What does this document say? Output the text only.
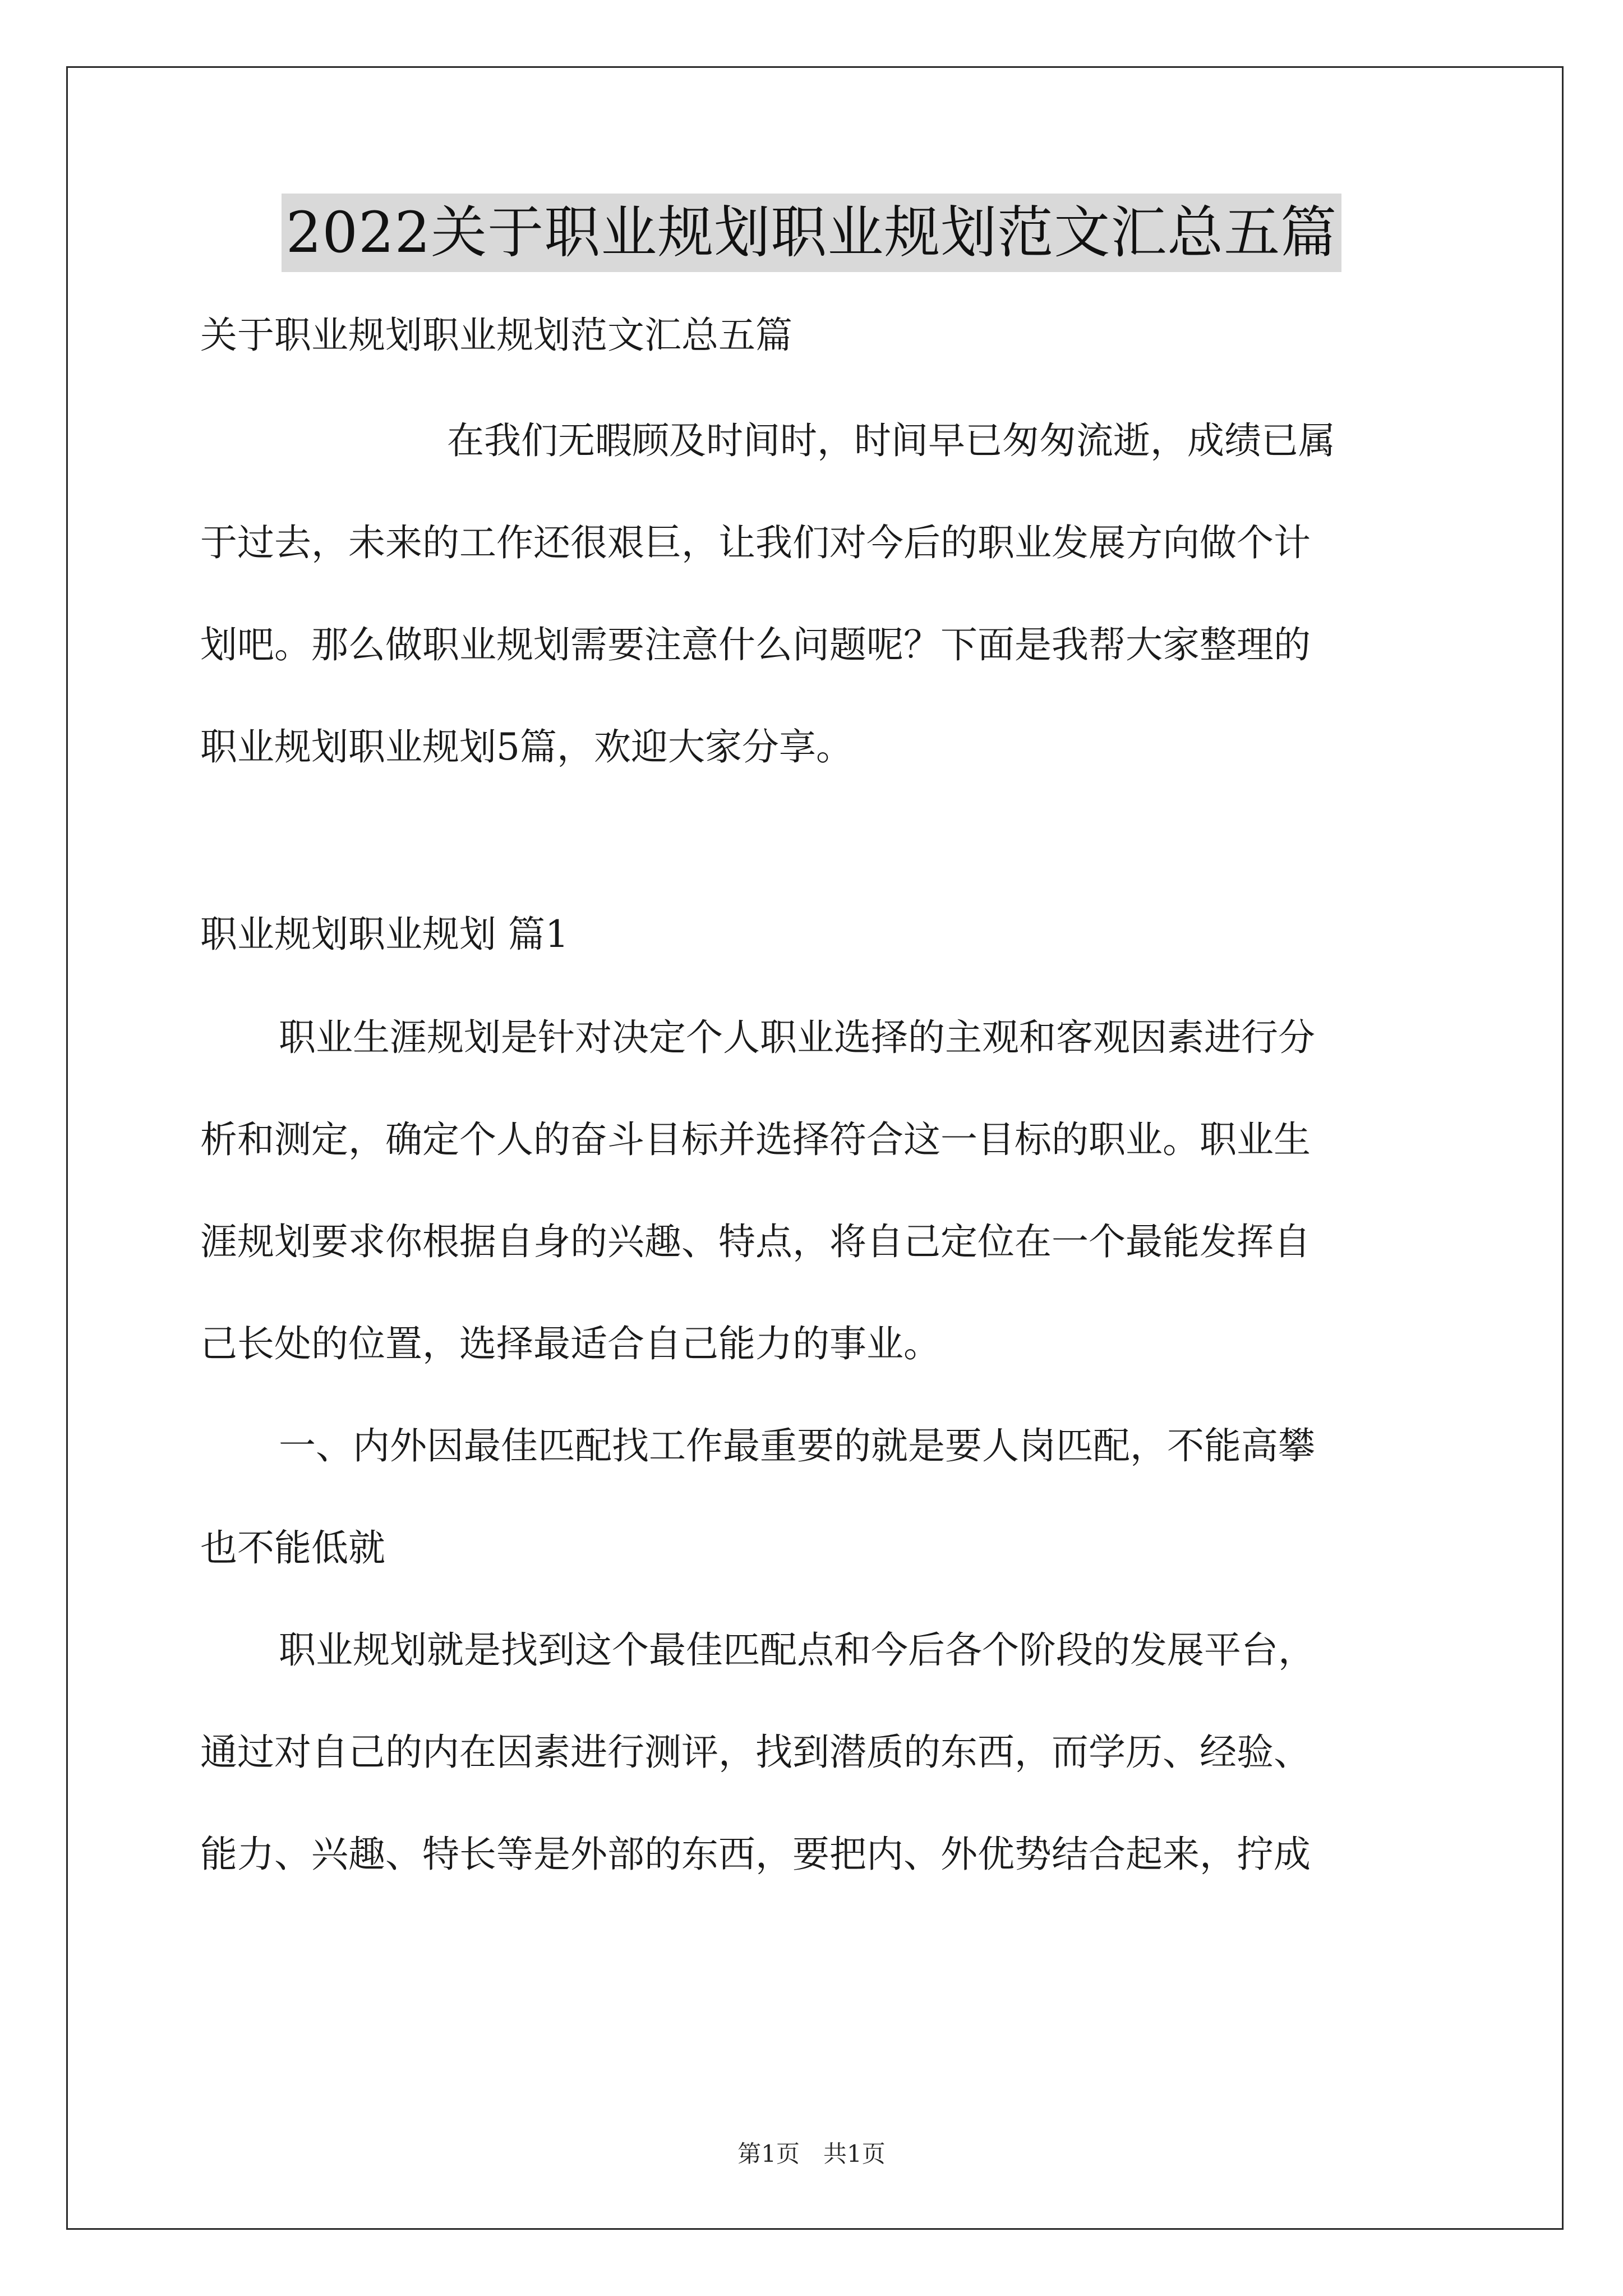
2022关于职业规划职业规划范文汇总五篇
关于职业规划职业规划范文汇总五篇
在我们无暇顾及时间时，时间早已匆匆流逝，成绩已属
于过去，未来的工作还很艰巨，让我们对今后的职业发展方向做个计
划吧。那么做职业规划需要注意什么问题呢？下面是我帮大家整理的
职业规划职业规划5篇，欢迎大家分享。
职业规划职业规划 篇1
职业生涯规划是针对决定个人职业选择的主观和客观因素进行分
析和测定，确定个人的奋斗目标并选择符合这一目标的职业。职业生
涯规划要求你根据自身的兴趣、特点，将自己定位在一个最能发挥自
己长处的位置，选择最适合自己能力的事业。
一、内外因最佳匹配找工作最重要的就是要人岗匹配，不能高攀
也不能低就
职业规划就是找到这个最佳匹配点和今后各个阶段的发展平台，
通过对自己的内在因素进行测评，找到潜质的东西，而学历、经验、
能力、兴趣、特长等是外部的东西，要把内、外优势结合起来，拧成
第1页　共1页
